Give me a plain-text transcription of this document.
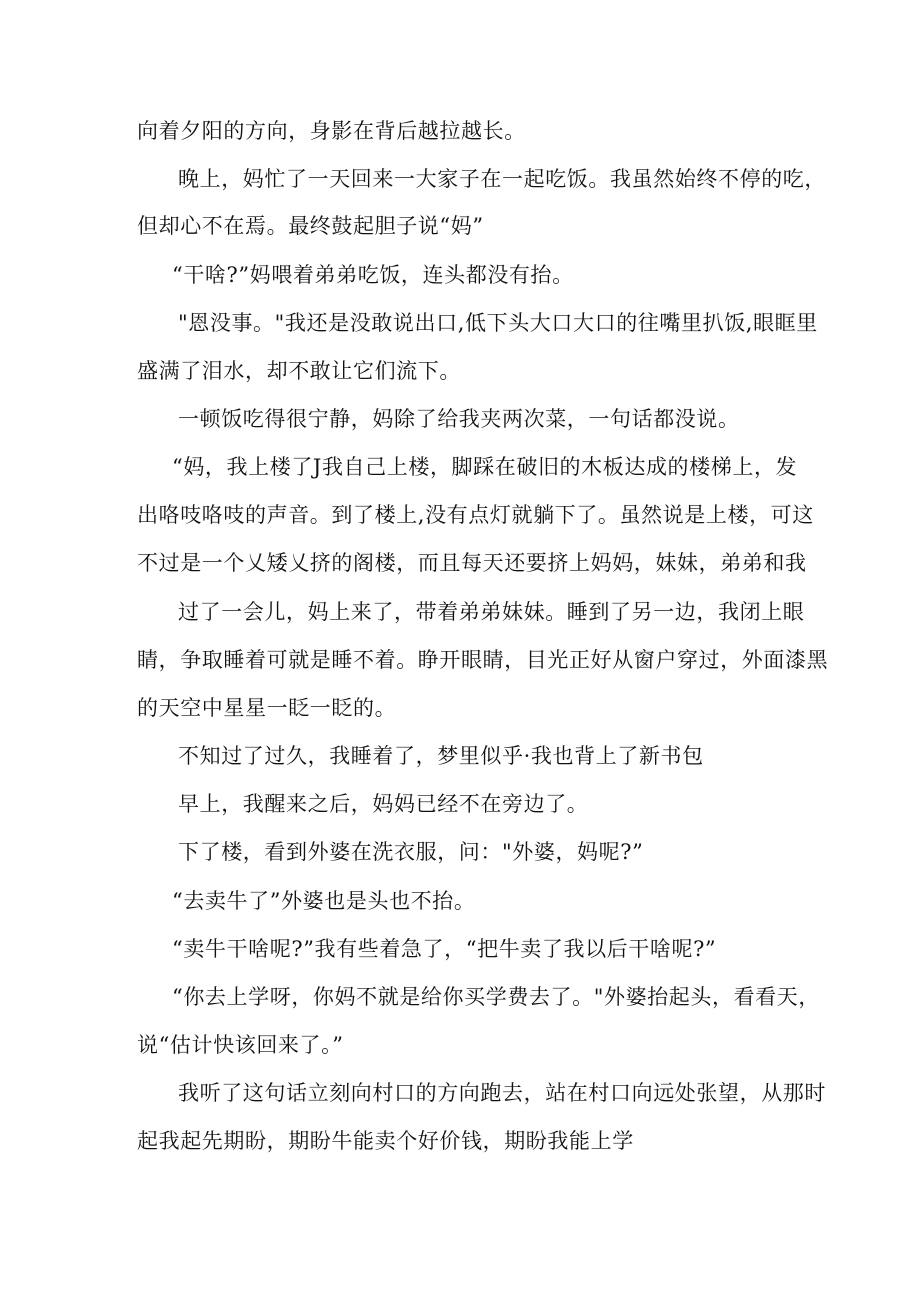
向着夕阳的方向，身影在背后越拉越长。
晚上，妈忙了一天回来一大家子在一起吃饭。我虽然始终不停的吃，
但却心不在焉。最终鼓起胆子说“妈”
“干啥?”妈喂着弟弟吃饭，连头都没有抬。
"恩没事。"我还是没敢说出口,低下头大口大口的往嘴里扒饭,眼眶里
盛满了泪水，却不敢让它们流下。
一顿饭吃得很宁静，妈除了给我夹两次菜，一句话都没说。
“妈，我上楼了J我自己上楼，脚踩在破旧的木板达成的楼梯上，发
出咯吱咯吱的声音。到了楼上,没有点灯就躺下了。虽然说是上楼，可这
不过是一个乂矮乂挤的阁楼，而且每天还要挤上妈妈，妹妹，弟弟和我
过了一会儿，妈上来了，带着弟弟妹妹。睡到了另一边，我闭上眼
睛，争取睡着可就是睡不着。睁开眼睛，目光正好从窗户穿过，外面漆黑
的天空中星星一眨一眨的。
不知过了过久，我睡着了，梦里似乎·我也背上了新书包
早上，我醒来之后，妈妈已经不在旁边了。
下了楼，看到外婆在洗衣服，问："外婆，妈呢?”
“去卖牛了”外婆也是头也不抬。
“卖牛干啥呢?”我有些着急了，“把牛卖了我以后干啥呢?”
“你去上学呀，你妈不就是给你买学费去了。"外婆抬起头，看看天，
说“估计快该回来了。”
我听了这句话立刻向村口的方向跑去，站在村口向远处张望，从那时
起我起先期盼，期盼牛能卖个好价钱，期盼我能上学
